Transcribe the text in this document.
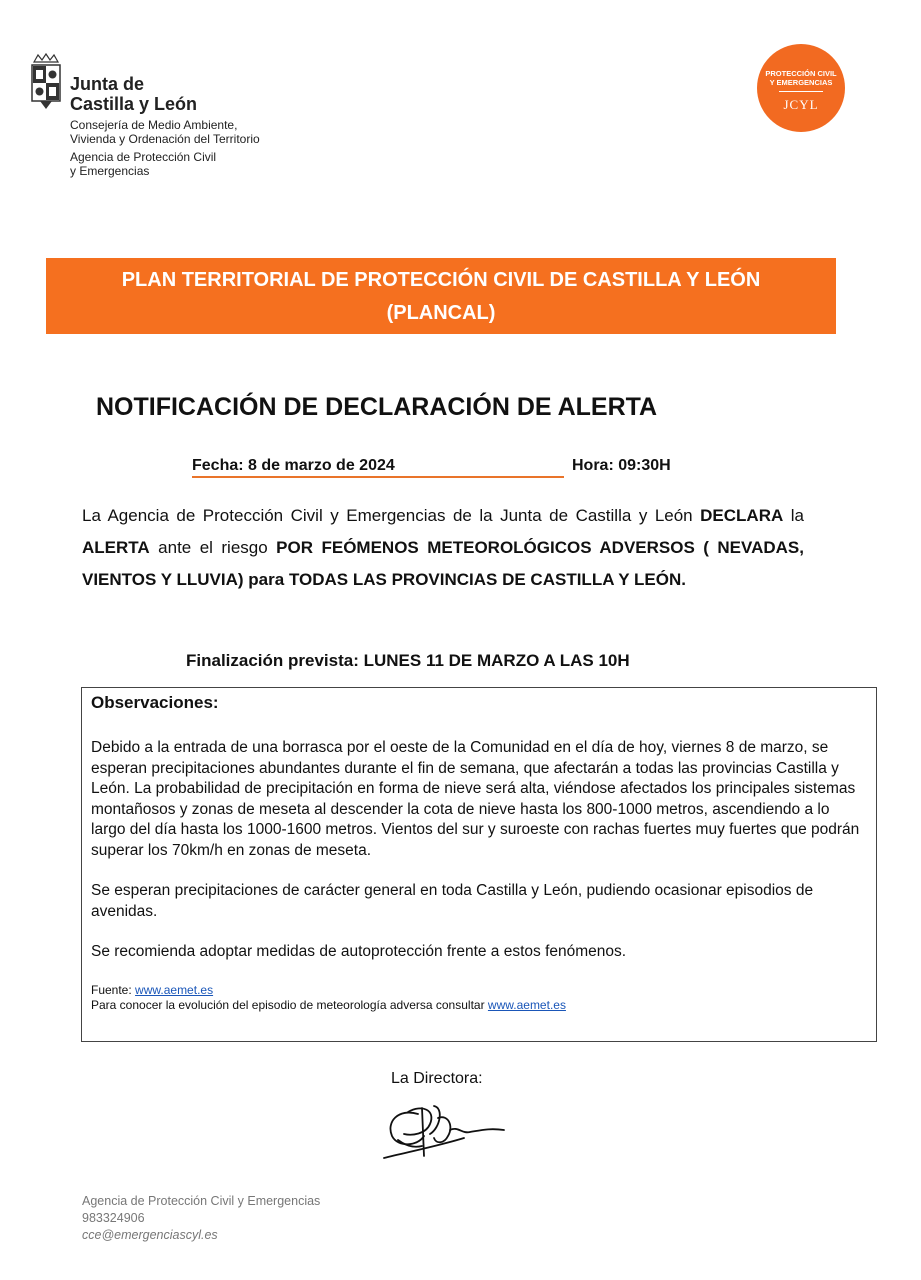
Junta de
Castilla y León
Consejería de Medio Ambiente,
Vivienda y Ordenación del Territorio
Agencia de Protección Civil
y Emergencias
PROTECCIÓN CIVIL
Y EMERGENCIAS
JCYL
PLAN TERRITORIAL DE PROTECCIÓN CIVIL DE CASTILLA Y LEÓN
(PLANCAL)
NOTIFICACIÓN DE DECLARACIÓN DE ALERTA
Fecha: 8 de marzo de 2024	Hora: 09:30H
La Agencia de Protección Civil y Emergencias de la Junta de Castilla y León DECLARA la ALERTA ante el riesgo POR FEÓMENOS METEOROLÓGICOS ADVERSOS ( NEVADAS, VIENTOS Y LLUVIA) para TODAS LAS PROVINCIAS DE CASTILLA Y LEÓN.
Finalización prevista: LUNES 11 DE MARZO A LAS 10H

Observaciones:

Debido a la entrada de una borrasca por el oeste de la Comunidad en el día de hoy, viernes 8 de marzo, se esperan precipitaciones abundantes durante el fin de semana, que afectarán a todas las provincias Castilla y León. La probabilidad de precipitación en forma de nieve será alta, viéndose afectados los principales sistemas montañosos y zonas de meseta al descender la cota de nieve hasta los 800-1000 metros, ascendiendo a lo largo del día hasta los 1000-1600 metros. Vientos del sur y suroeste con rachas fuertes muy fuertes que podrán superar los 70km/h en zonas de meseta.

Se esperan precipitaciones de carácter general en toda Castilla y León, pudiendo ocasionar episodios de avenidas.

Se recomienda adoptar medidas de autoprotección frente a estos fenómenos.

Fuente: www.aemet.es
Para conocer la evolución del episodio de meteorología adversa consultar www.aemet.es
La Directora:
Agencia de Protección Civil y Emergencias
983324906
cce@emergenciascyl.es
